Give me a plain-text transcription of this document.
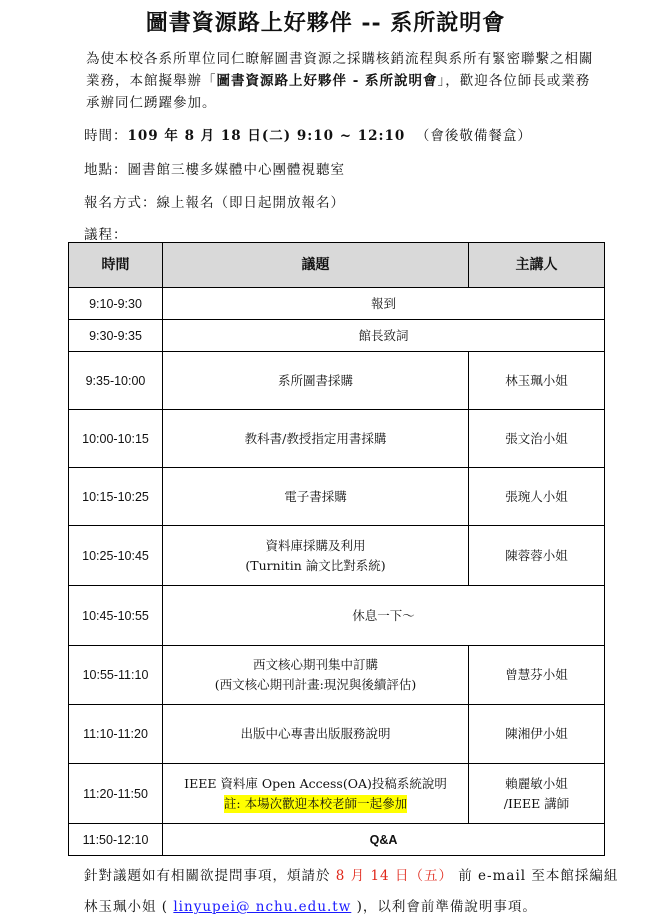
圖書資源路上好夥伴 -- 系所說明會
為使本校各系所單位同仁瞭解圖書資源之採購核銷流程與系所有緊密聯繫之相關業務，本館擬舉辦「圖書資源路上好夥伴 - 系所說明會」，歡迎各位師長或業務承辦同仁踴躍參加。
時間：109 年 8 月 18 日(二) 9:10 ~ 12:10 （會後敬備餐盒）
地點：圖書館三樓多媒體中心團體視聽室
報名方式：線上報名（即日起開放報名）
議程：
時間	議題	主講人
9:10-9:30	報到	
9:30-9:35	館長致詞	
9:35-10:00	系所圖書採購	林玉珮小姐
10:00-10:15	教科書/教授指定用書採購	張文治小姐
10:15-10:25	電子書採購	張琬人小姐
10:25-10:45	資料庫採購及利用
(Turnitin 論文比對系統)	陳蓉蓉小姐
10:45-10:55	休息一下～	
10:55-11:10	西文核心期刊集中訂購
(西文核心期刊計畫:現況與後續評估)	曾慧芬小姐
11:10-11:20	出版中心專書出版服務說明	陳湘伊小姐
11:20-11:50	IEEE 資料庫 Open Access(OA)投稿系統說明
註: 本場次歡迎本校老師一起參加	賴麗敏小姐
/IEEE 講師

11:50-12:10	Q&A	
針對議題如有相關欲提問事項，煩請於 8 月 14 日（五） 前 e-mail 至本館採編組
林玉珮小姐 ( linyupei@ nchu.edu.tw )，以利會前準備說明事項。
